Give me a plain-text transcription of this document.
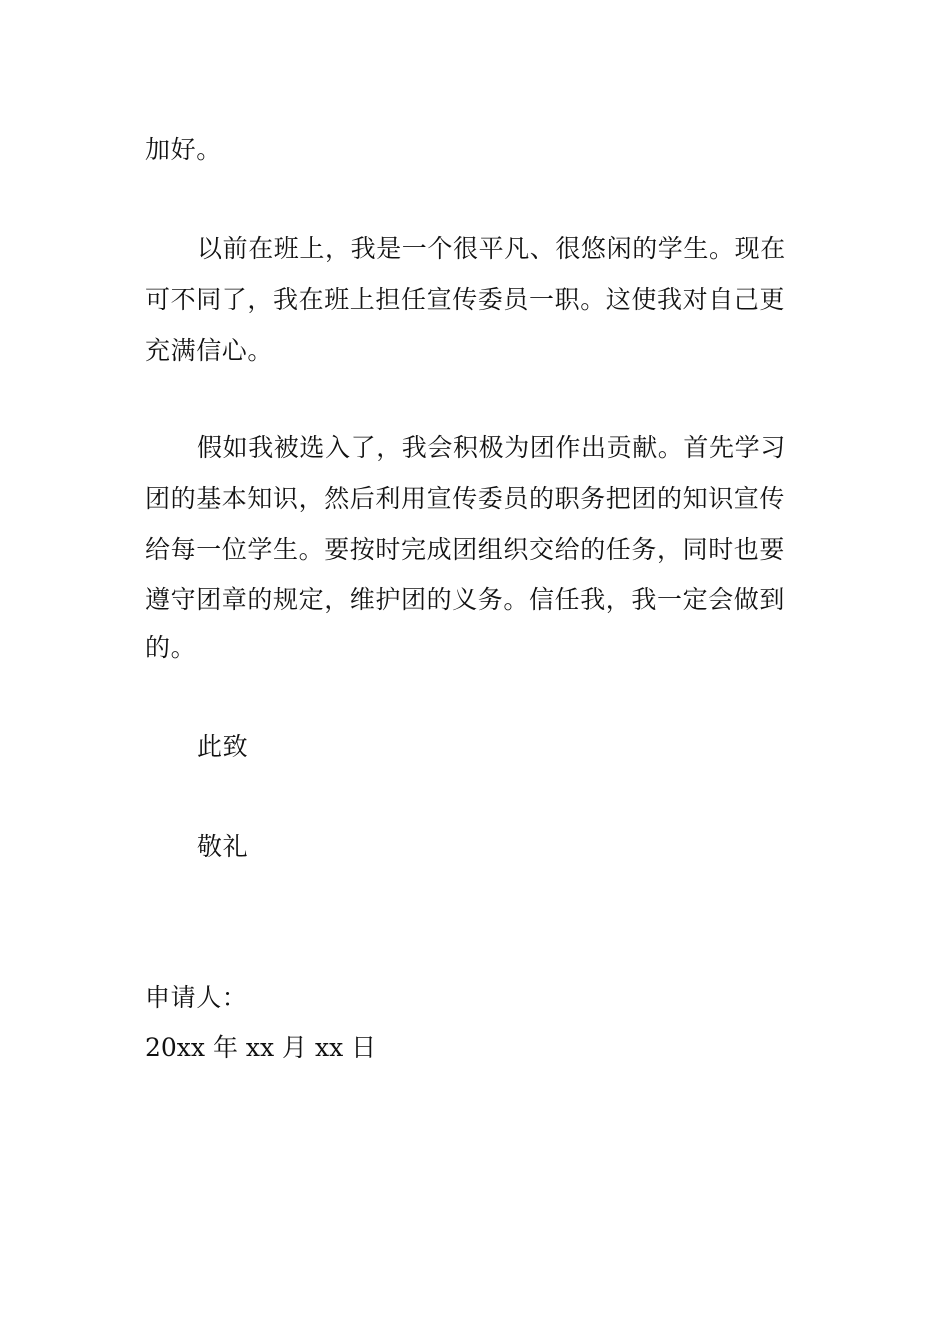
加好。
以前在班上，我是一个很平凡、很悠闲的学生。现在
可不同了，我在班上担任宣传委员一职。这使我对自己更
充满信心。
假如我被选入了，我会积极为团作出贡献。首先学习
团的基本知识，然后利用宣传委员的职务把团的知识宣传
给每一位学生。要按时完成团组织交给的任务，同时也要
遵守团章的规定，维护团的义务。信任我，我一定会做到
的。
此致
敬礼
申请人：
20xx 年 xx 月 xx 日
